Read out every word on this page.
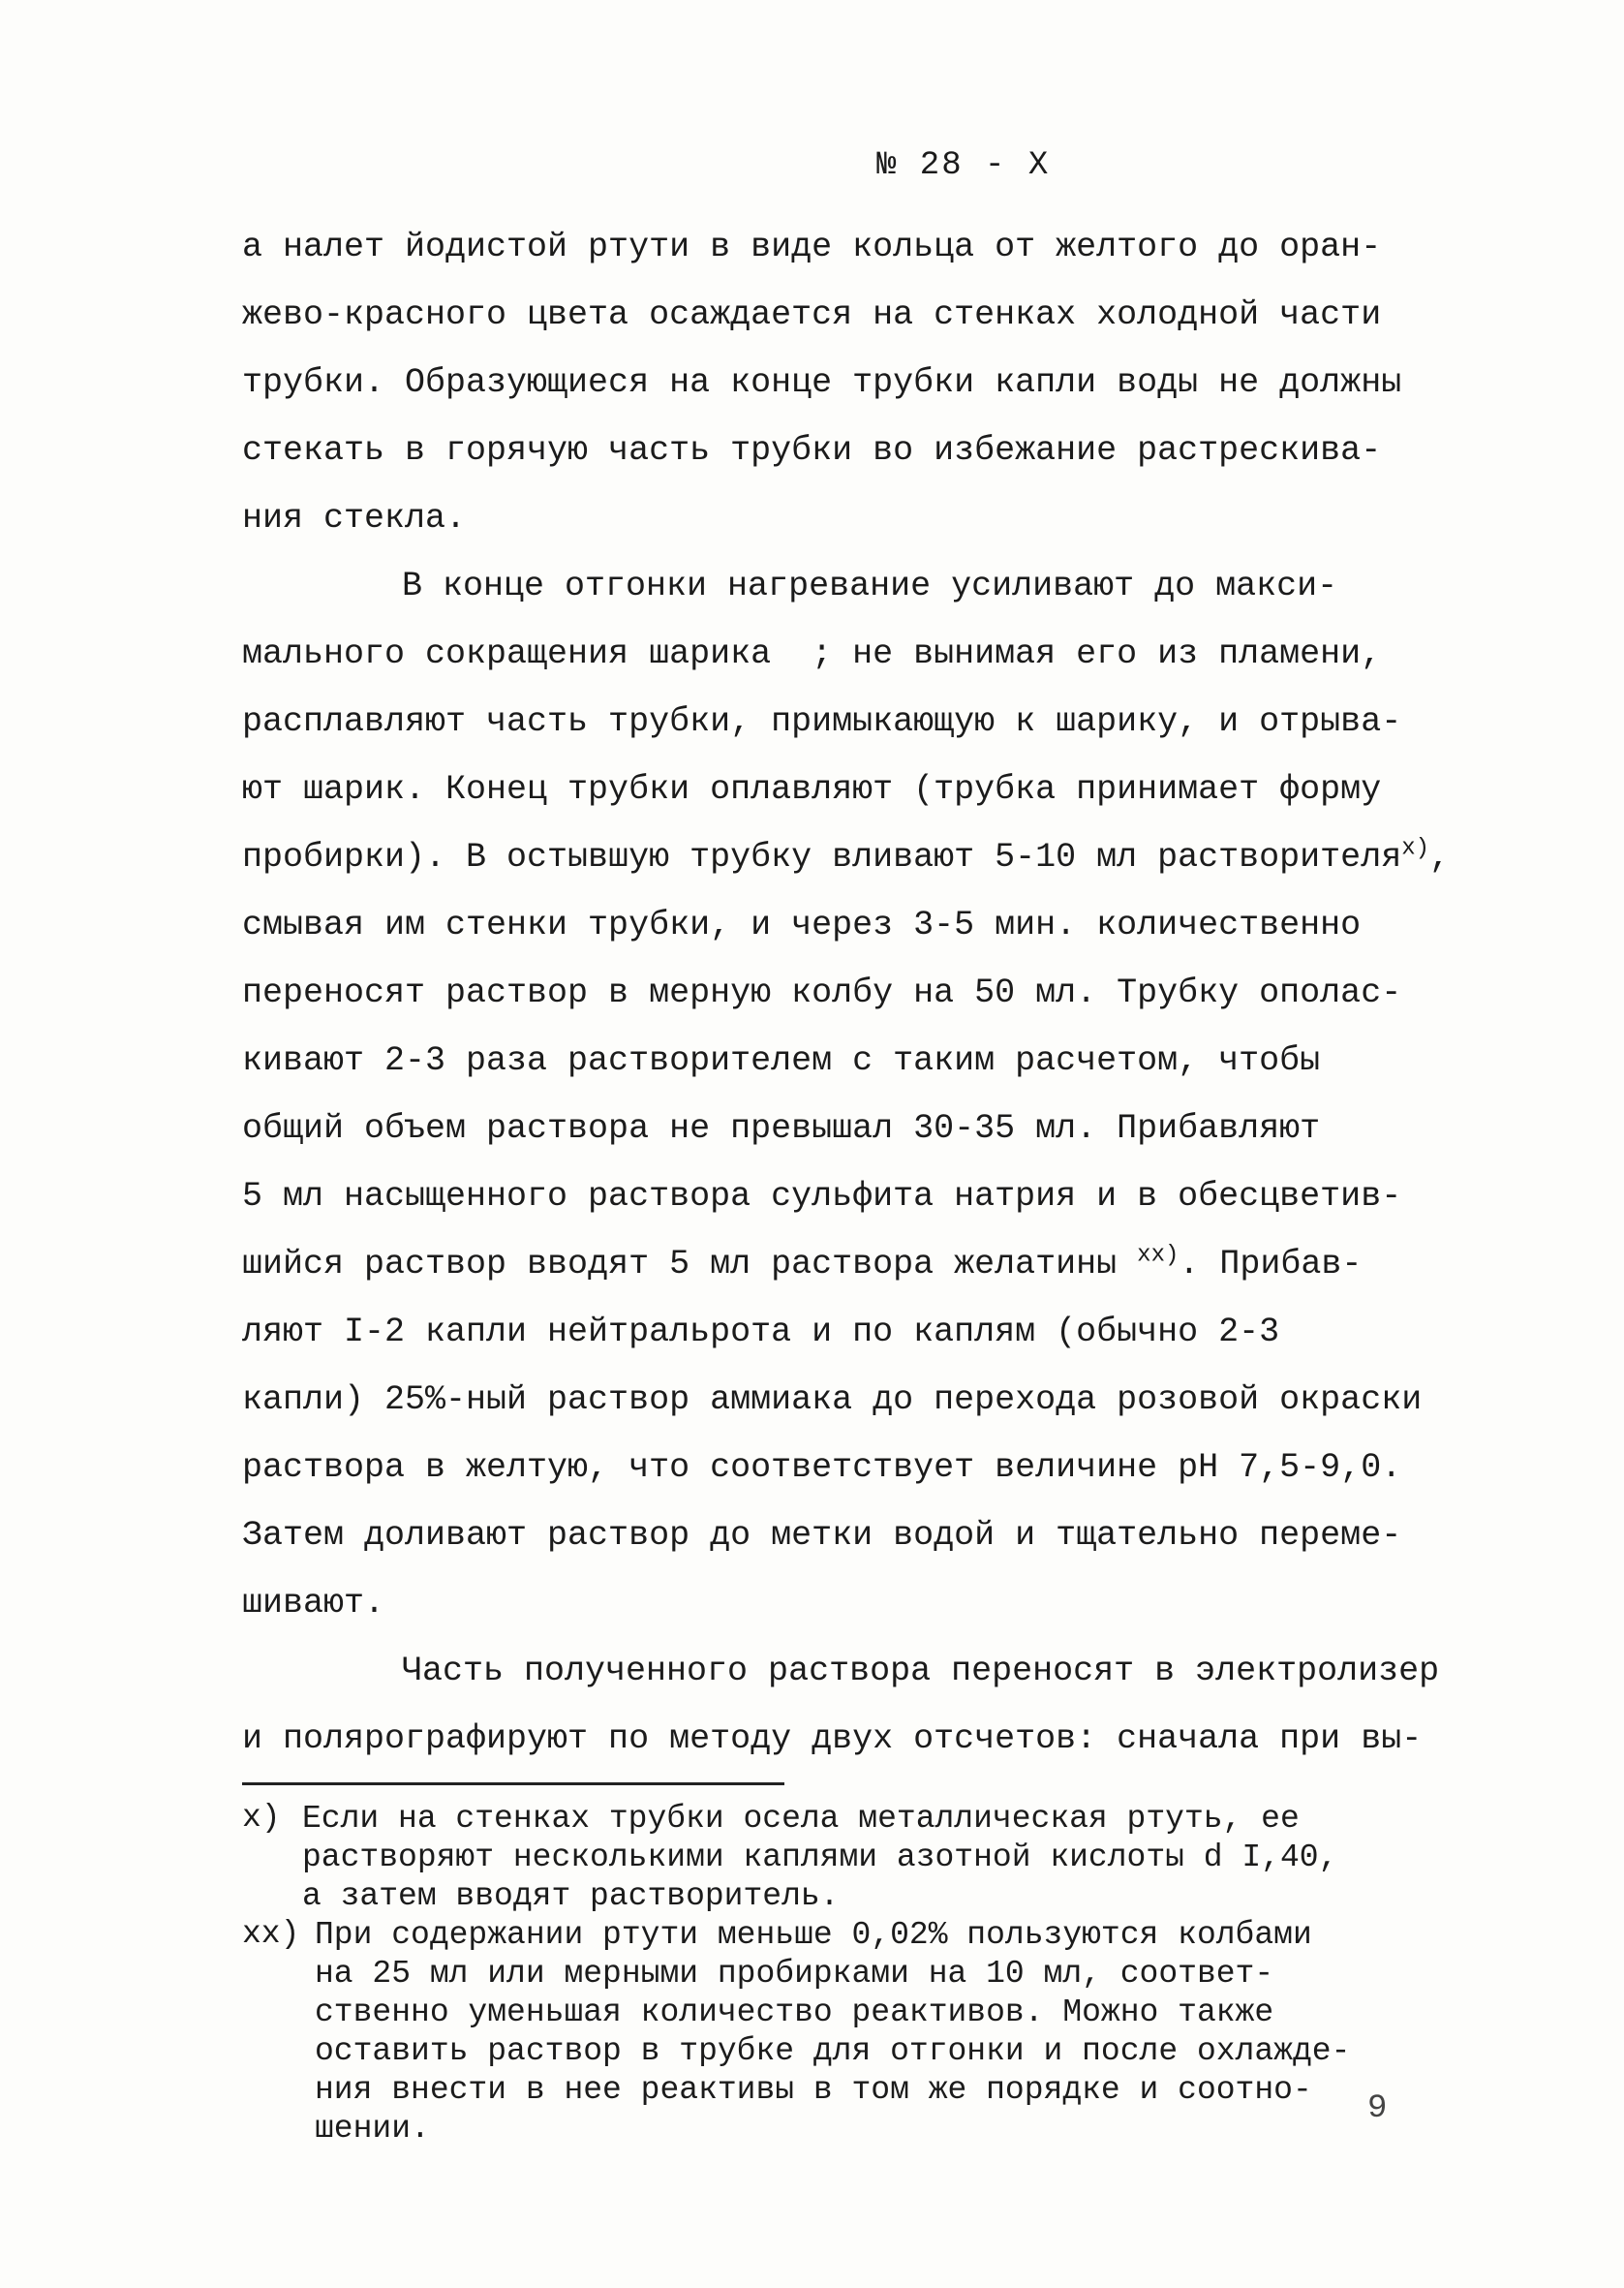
№ 28 - X
а налет йодистой ртути в виде кольца от желтого до оран-
жево-красного цвета осаждается на стенках холодной части
трубки. Образующиеся на конце трубки капли воды не должны
стекать в горячую часть трубки во избежание растрескива-
ния стекла.
В конце отгонки нагревание усиливают до макси-
мального сокращения шарика  ; не вынимая его из пламени,
расплавляют часть трубки, примыкающую к шарику, и отрыва-
ют шарик. Конец трубки оплавляют (трубка принимает форму
пробирки). В остывшую трубку вливают 5-10 мл растворителя$^{х)}$,
смывая им стенки трубки, и через 3-5 мин. количественно
переносят раствор в мерную колбу на 50 мл. Трубку ополас-
кивают 2-3 раза растворителем с таким расчетом, чтобы
общий объем раствора не превышал 30-35 мл. Прибавляют
5 мл насыщенного раствора сульфита натрия и в обесцветив-
шийся раствор вводят 5 мл раствора желатины $^{хх)}$. Прибав-
ляют I-2 капли нейтральрота и по каплям (обычно 2-3
капли) 25%-ный раствор аммиака до перехода розовой окраски
раствора в желтую, что соответствует величине рН 7,5-9,0.
Затем доливают раствор до метки водой и тщательно переме-
шивают.
Часть полученного раствора переносят в электролизер
и полярографируют по методу двух отсчетов: сначала при вы-
х) Если на стенках трубки осела металлическая ртуть, ее
растворяют несколькими каплями азотной кислоты d I,40,
а затем вводят растворитель.
хх) При содержании ртути меньше 0,02% пользуются колбами
на 25 мл или мерными пробирками на 10 мл, соответ-
ственно уменьшая количество реактивов. Можно также
оставить раствор в трубке для отгонки и после охлажде-
ния внести в нее реактивы в том же порядке и соотно-
шении.
9
